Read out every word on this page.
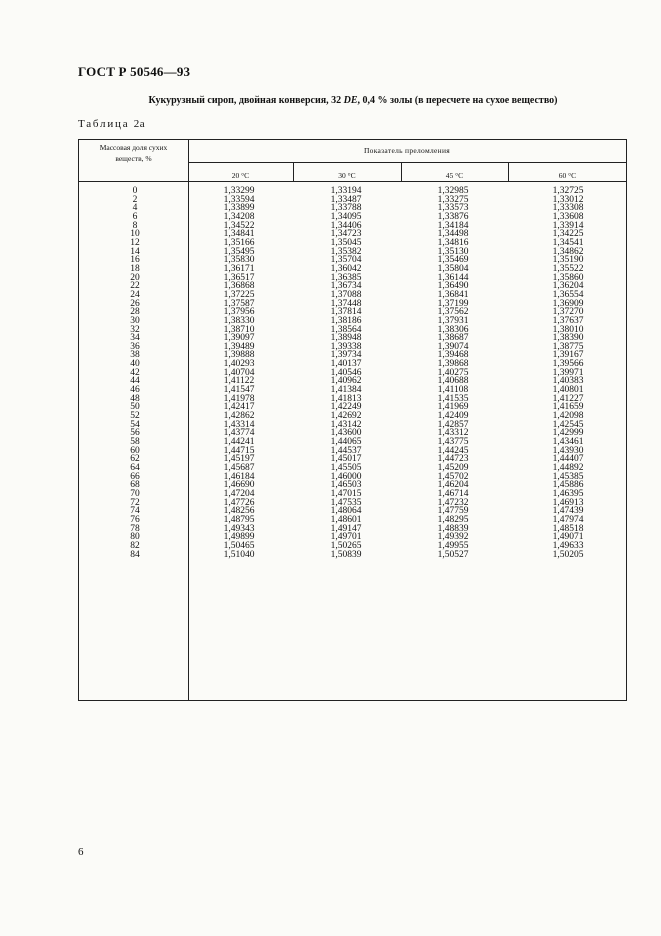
ГОСТ Р 50546—93
Кукурузный сироп, двойная конверсия, 32 DE, 0,4 % золы (в пересчете на сухое вещество)
Таблица 2а
Массовая доля сухих
веществ, %
Показатель преломления
20 °С	30 °С	45 °С	60 °С
0	1,33299	1,33194	1,32985	1,32725
2	1,33594	1,33487	1,33275	1,33012
4	1,33899	1,33788	1,33573	1,33308
6	1,34208	1,34095	1,33876	1,33608
8	1,34522	1,34406	1,34184	1,33914
10	1,34841	1,34723	1,34498	1,34225
12	1,35166	1,35045	1,34816	1,34541
14	1,35495	1,35382	1,35130	1,34862
16	1,35830	1,35704	1,35469	1,35190
18	1,36171	1,36042	1,35804	1,35522
20	1,36517	1,36385	1,36144	1,35860
22	1,36868	1,36734	1,36490	1,36204
24	1,37225	1,37088	1,36841	1,36554
26	1,37587	1,37448	1,37199	1,36909
28	1,37956	1,37814	1,37562	1,37270
30	1,38330	1,38186	1,37931	1,37637
32	1,38710	1,38564	1,38306	1,38010
34	1,39097	1,38948	1,38687	1,38390
36	1,39489	1,39338	1,39074	1,38775
38	1,39888	1,39734	1,39468	1,39167
40	1,40293	1,40137	1,39868	1,39566
42	1,40704	1,40546	1,40275	1,39971
44	1,41122	1,40962	1,40688	1,40383
46	1,41547	1,41384	1,41108	1,40801
48	1,41978	1,41813	1,41535	1,41227
50	1,42417	1,42249	1,41969	1,41659
52	1,42862	1,42692	1,42409	1,42098
54	1,43314	1,43142	1,42857	1,42545
56	1,43774	1,43600	1,43312	1,42999
58	1,44241	1,44065	1,43775	1,43461
60	1,44715	1,44537	1,44245	1,43930
62	1,45197	1,45017	1,44723	1,44407
64	1,45687	1,45505	1,45209	1,44892
66	1,46184	1,46000	1,45702	1,45385
68	1,46690	1,46503	1,46204	1,45886
70	1,47204	1,47015	1,46714	1,46395
72	1,47726	1,47535	1,47232	1,46913
74	1,48256	1,48064	1,47759	1,47439
76	1,48795	1,48601	1,48295	1,47974
78	1,49343	1,49147	1,48839	1,48518
80	1,49899	1,49701	1,49392	1,49071
82	1,50465	1,50265	1,49955	1,49633
84	1,51040	1,50839	1,50527	1,50205
6
